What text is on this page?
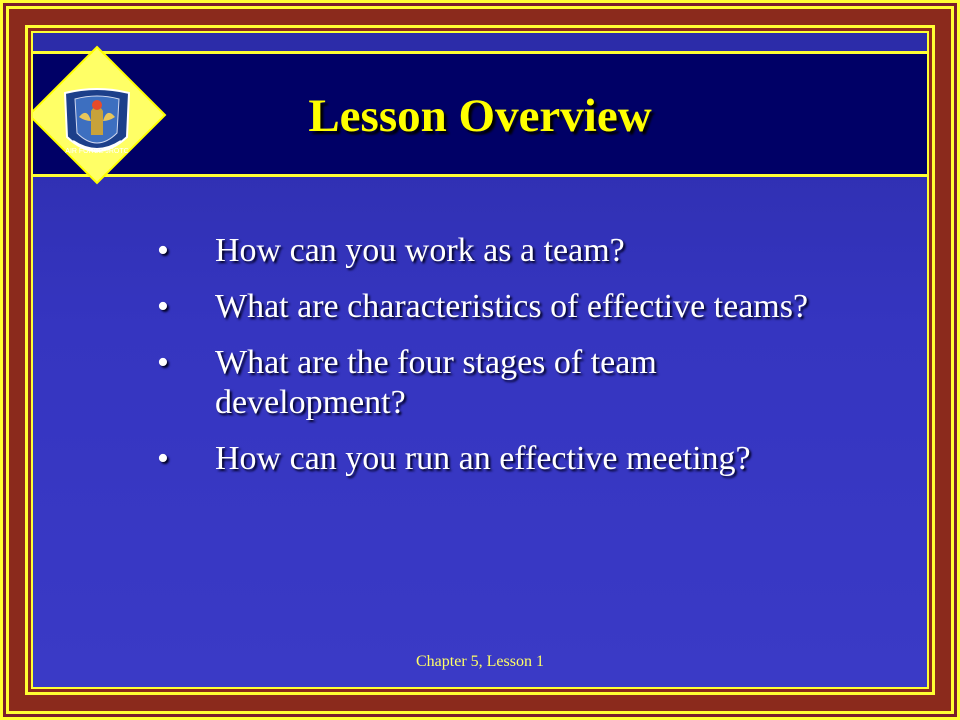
AIR FORCE JROTC
Lesson Overview
•	How can you work as a team?
•	What are characteristics of effective teams?
•	What are the four stages of team development?
•	How can you run an effective meeting?
Chapter 5, Lesson 1
